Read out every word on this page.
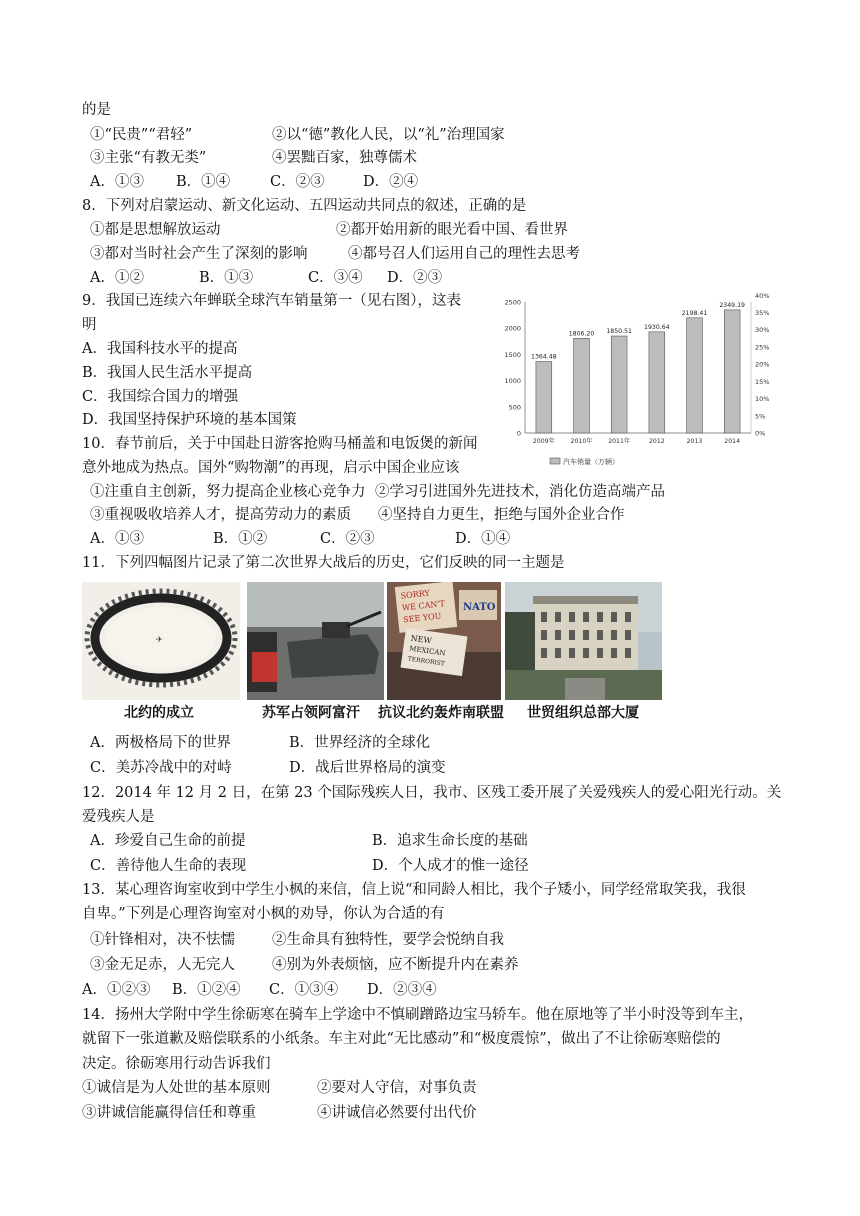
的是
①“民贵”“君轻”	②以“德”教化人民，以“礼”治理国家
③主张“有教无类”	④罢黜百家，独尊儒术
A．①③ B．①④	C．②③	D．②④
8．下列对启蒙运动、新文化运动、五四运动共同点的叙述，正确的是
①都是思想解放运动	②都开始用新的眼光看中国、看世界
③都对当时社会产生了深刻的影响	④都号召人们运用自己的理性去思考
A．①②	B．①③	C．③④ D．②③
9．我国已连续六年蝉联全球汽车销量第一（见右图），这表
明
A．我国科技水平的提高
B．我国人民生活水平提高
C．我国综合国力的增强
D．我国坚持保护环境的基本国策
1364.48
1806.20 1850.51
1930.64
2198.41
2349.19
0
500
1000
1500
2000
2500
0%
5%
10%
15%
20%
25%
30%
35%
40%
2009年	2010年	2011年	2012	2013	2014
汽车销量（万辆）
10．春节前后，关于中国赴日游客抢购马桶盖和电饭煲的新闻
意外地成为热点。国外“购物潮”的再现，启示中国企业应该
①注重自主创新，努力提高企业核心竞争力 ②学习引进国外先进技术，消化仿造高端产品
③重视吸收培养人才，提高劳动力的素质 ④坚持自力更生，拒绝与国外企业合作
A．①③	B．①②	C．②③	D．①④
11．下列四幅图片记录了第二次世界大战后的历史，它们反映的同一主题是
✈
SORRY
WE CAN'T
SEE YOU
NEW
MEXICAN
TERRORIST
NATO
北约的成立	苏军占领阿富汗 抗议北约轰炸南联盟 世贸组织总部大厦
A．两极格局下的世界	B．世界经济的全球化
C．美苏冷战中的对峙	D．战后世界格局的演变
12．2014 年 12 月 2 日，在第 23 个国际残疾人日，我市、区残工委开展了关爱残疾人的爱心阳光行动。关
爱残疾人是
A．珍爱自己生命的前提	B．追求生命长度的基础
C．善待他人生命的表现	D．个人成才的惟一途径
13．某心理咨询室收到中学生小枫的来信，信上说“和同龄人相比，我个子矮小，同学经常取笑我，我很
自卑。”下列是心理咨询室对小枫的劝导，你认为合适的有
①针锋相对，决不怯懦	②生命具有独特性，要学会悦纳自我
③金无足赤，人无完人	④别为外表烦恼，应不断提升内在素养
A．①②③ B．①②④ C．①③④ D．②③④
14．扬州大学附中学生徐砺寒在骑车上学途中不慎刷蹭路边宝马轿车。他在原地等了半小时没等到车主，
就留下一张道歉及赔偿联系的小纸条。车主对此“无比感动”和“极度震惊”，做出了不让徐砺寒赔偿的
决定。徐砺寒用行动告诉我们
①诚信是为人处世的基本原则	②要对人守信，对事负责
③讲诚信能赢得信任和尊重	④讲诚信必然要付出代价
